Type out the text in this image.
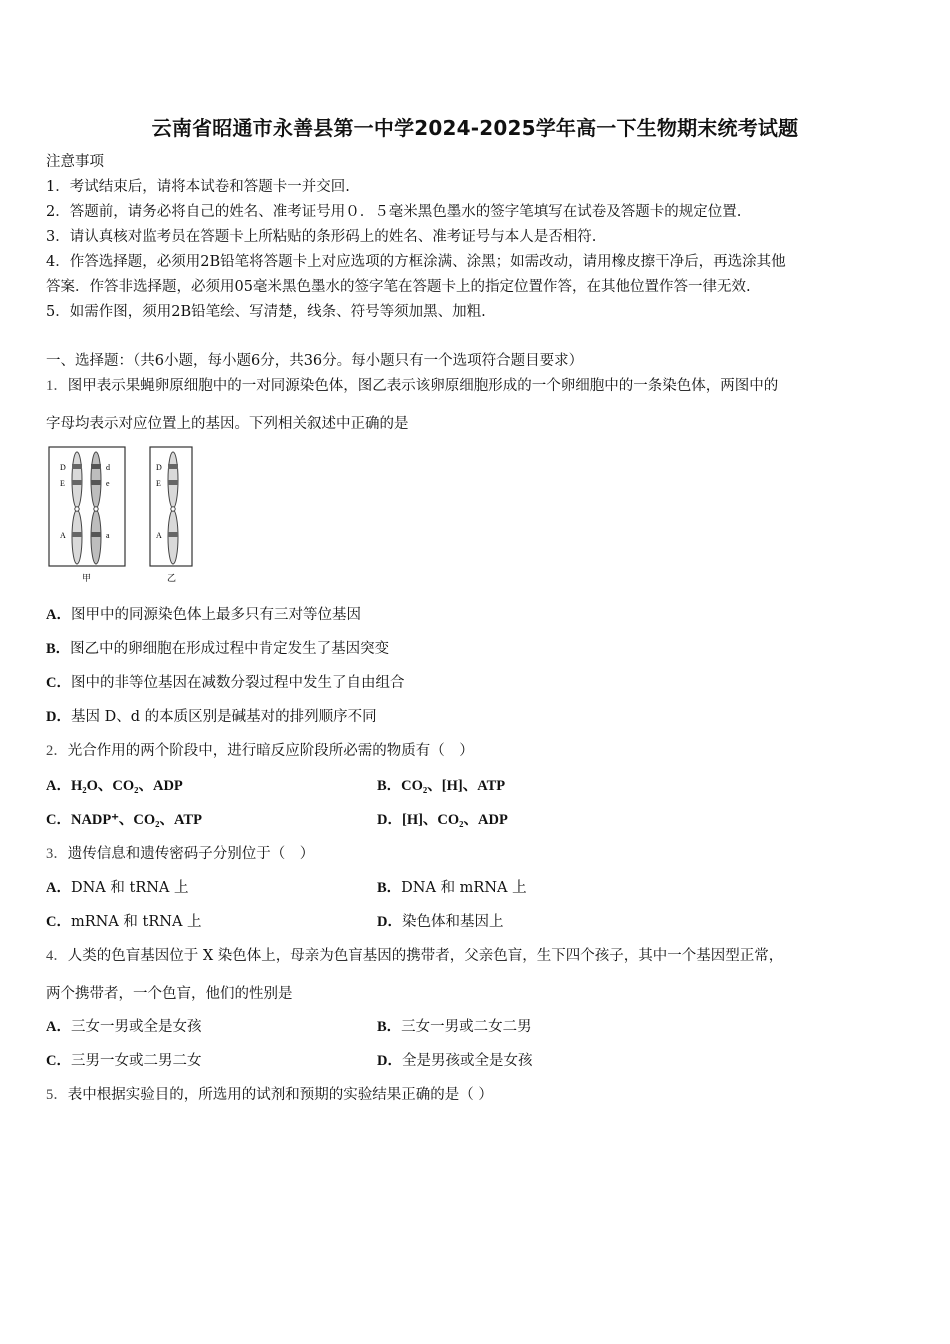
云南省昭通市永善县第一中学2024-2025学年高一下生物期末统考试题
注意事项
1．考试结束后，请将本试卷和答题卡一并交回.
2．答题前，请务必将自己的姓名、准考证号用０．５毫米黑色墨水的签字笔填写在试卷及答题卡的规定位置.
3．请认真核对监考员在答题卡上所粘贴的条形码上的姓名、准考证号与本人是否相符.
4．作答选择题，必须用2B铅笔将答题卡上对应选项的方框涂满、涂黑；如需改动，请用橡皮擦干净后，再选涂其他
答案．作答非选择题，必须用05毫米黑色墨水的签字笔在答题卡上的指定位置作答，在其他位置作答一律无效.
5．如需作图，须用2B铅笔绘、写清楚，线条、符号等须加黑、加粗.
一、选择题：（共6小题，每小题6分，共36分。每小题只有一个选项符合题目要求）
1．图甲表示果蝇卵原细胞中的一对同源染色体，图乙表示该卵原细胞形成的一个卵细胞中的一条染色体，两图中的
字母均表示对应位置上的基因。下列相关叙述中正确的是
D
E
A
d
e
a
甲
D
E
A
乙
A．图甲中的同源染色体上最多只有三对等位基因
B．图乙中的卵细胞在形成过程中肯定发生了基因突变
C．图中的非等位基因在减数分裂过程中发生了自由组合
D．基因 D、d 的本质区别是碱基对的排列顺序不同
2．光合作用的两个阶段中，进行暗反应阶段所必需的物质有（　）
A．H₂O、CO₂、ADP	B．CO₂、[H]、ATP
C．NADP⁺、CO₂、ATP	D．[H]、CO₂、ADP
3．遗传信息和遗传密码子分别位于（　）
A．DNA 和 tRNA 上	B．DNA 和 mRNA 上
C．mRNA 和 tRNA 上	D．染色体和基因上
4．人类的色盲基因位于 X 染色体上，母亲为色盲基因的携带者，父亲色盲，生下四个孩子，其中一个基因型正常，
两个携带者，一个色盲，他们的性别是
A．三女一男或全是女孩	B．三女一男或二女二男
C．三男一女或二男二女	D．全是男孩或全是女孩
5．表中根据实验目的，所选用的试剂和预期的实验结果正确的是（ ）
